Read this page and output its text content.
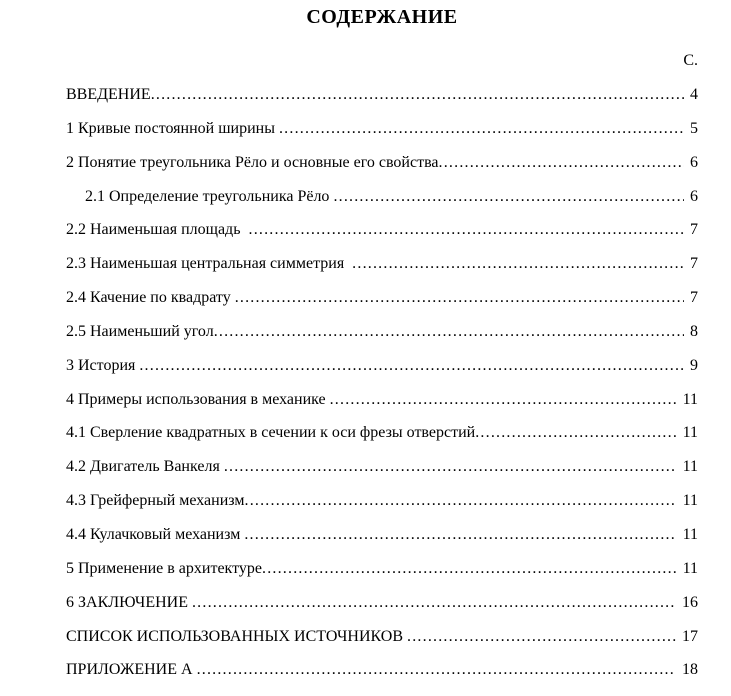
СОДЕРЖАНИЕ
С.
ВВЕДЕНИЕ .....	4
1 Кривые постоянной ширины .....	5
2 Понятие треугольника Рёло и основные его свойства .....	6
2.1 Определение треугольника Рёло .....	6
2.2 Наименьшая площадь .....	7
2.3 Наименьшая центральная симметрия .....	7
2.4 Качение по квадрату .....	7
2.5 Наименьший угол .....	8
3 История .....	9
4 Примеры использования в механике .....	11
4.1 Сверление квадратных в сечении к оси фрезы отверстий .....	11
4.2 Двигатель Ванкеля .....	11
4.3 Грейферный механизм .....	11
4.4 Кулачковый механизм .....	11
5 Применение в архитектуре .....	11
6 ЗАКЛЮЧЕНИЕ .....	16
СПИСОК ИСПОЛЬЗОВАННЫХ ИСТОЧНИКОВ .....	17
ПРИЛОЖЕНИЕ А .....	18
